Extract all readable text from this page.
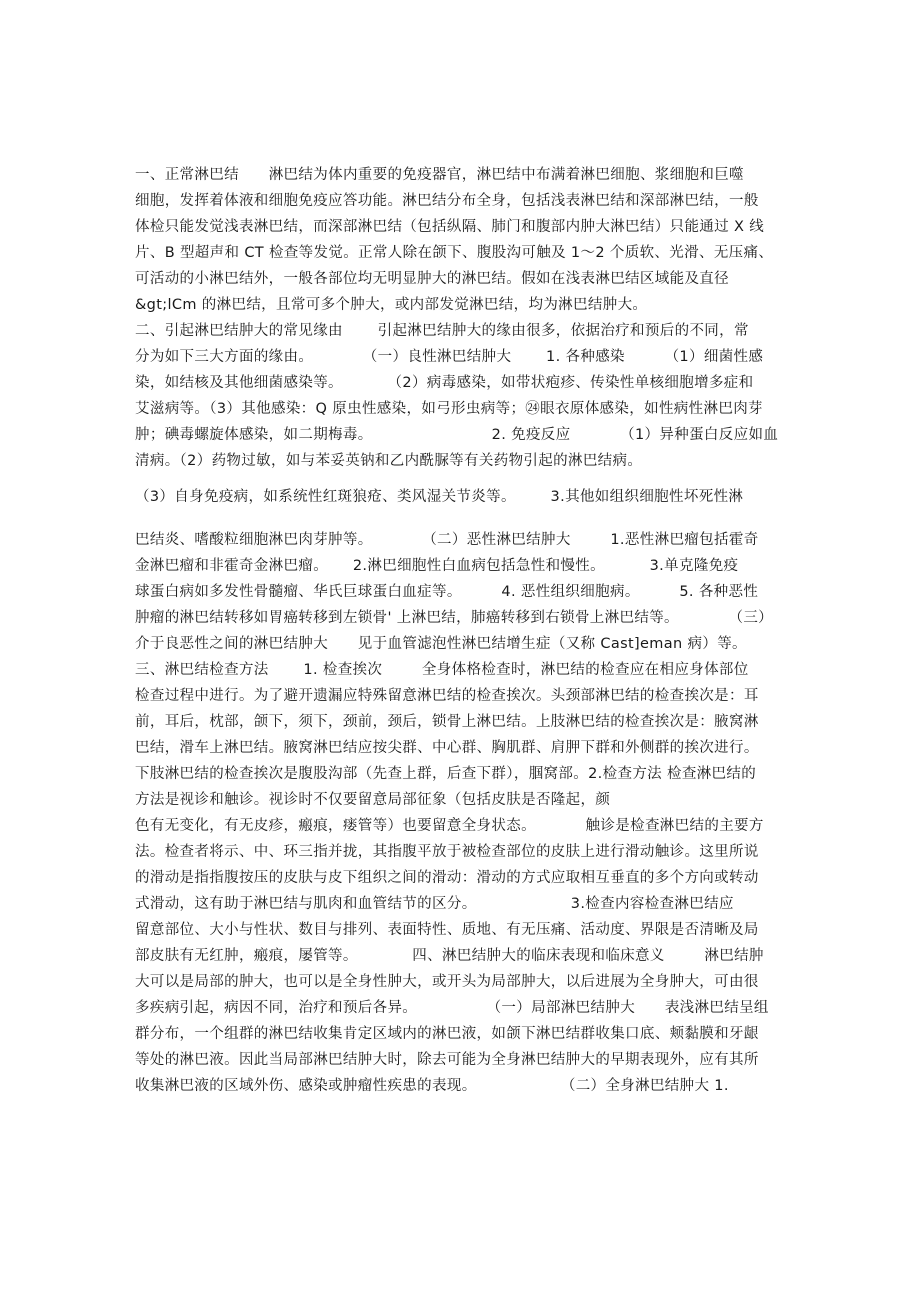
一、正常淋巴结      淋巴结为体内重要的免疫器官，淋巴结中布满着淋巴细胞、浆细胞和巨噬
细胞，发挥着体液和细胞免疫应答功能。淋巴结分布全身，包括浅表淋巴结和深部淋巴结，一般
体检只能发觉浅表淋巴结，而深部淋巴结（包括纵隔、肺门和腹部内肿大淋巴结）只能通过 X 线
片、B 型超声和 CT 检查等发觉。正常人除在颌下、腹股沟可触及 1～2 个质软、光滑、无压痛、
可活动的小淋巴结外，一般各部位均无明显肿大的淋巴结。假如在浅表淋巴结区域能及直径
&gt;lCm 的淋巴结，且常可多个肿大，或内部发觉淋巴结，均为淋巴结肿大。
二、引起淋巴结肿大的常见缘由       引起淋巴结肿大的缘由很多，依据治疗和预后的不同，常
分为如下三大方面的缘由。          （一）良性淋巴结肿大       1. 各种感染        （1）细菌性感
染，如结核及其他细菌感染等。         （2）病毒感染，如带状疱疹、传染性单核细胞增多症和
艾滋病等。（3）其他感染：Q 原虫性感染，如弓形虫病等；㉔眼衣原体感染，如性病性淋巴肉芽
肿；碘毒螺旋体感染，如二期梅毒。                        2. 免疫反应          （1）异种蛋白反应如血
清病。（2）药物过敏，如与苯妥英钠和乙内酰脲等有关药物引起的淋巴结病。
（3）自身免疫病，如系统性红斑狼疮、类风湿关节炎等。       3.其他如组织细胞性坏死性淋
巴结炎、嗜酸粒细胞淋巴肉芽肿等。          （二）恶性淋巴结肿大        1.恶性淋巴瘤包括霍奇
金淋巴瘤和非霍奇金淋巴瘤。     2.淋巴细胞性白血病包括急性和慢性。         3.单克隆免疫
球蛋白病如多发性骨髓瘤、华氏巨球蛋白血症等。        4. 恶性组织细胞病。        5. 各种恶性
肿瘤的淋巴结转移如胃癌转移到左锁骨' 上淋巴结，肺癌转移到右锁骨上淋巴结等。          （三）
介于良恶性之间的淋巴结肿大      见于血管滤泡性淋巴结增生症（又称 Cast]eman 病）等。
三、淋巴结检查方法       1. 检查挨次        全身体格检查时，淋巴结的检查应在相应身体部位
检查过程中进行。为了避开遗漏应特殊留意淋巴结的检查挨次。头颈部淋巴结的检查挨次是：耳
前，耳后，枕部，颌下，须下，颈前，颈后，锁骨上淋巴结。上肢淋巴结的检查挨次是：腋窝淋
巴结，滑车上淋巴结。腋窝淋巴结应按尖群、中心群、胸肌群、肩胛下群和外侧群的挨次进行。
下肢淋巴结的检查挨次是腹股沟部（先查上群，后查下群），腘窝部。2.检查方法 检查淋巴结的
方法是视诊和触诊。视诊时不仅要留意局部征象（包括皮肤是否隆起，颜
色有无变化，有无皮疹，瘢痕，瘘管等）也要留意全身状态。          触诊是检查淋巴结的主要方
法。检查者将示、中、环三指并拢，其指腹平放于被检查部位的皮肤上进行滑动触诊。这里所说
的滑动是指指腹按压的皮肤与皮下组织之间的滑动：滑动的方式应取相互垂直的多个方向或转动
式滑动，这有助于淋巴结与肌肉和血管结节的区分。                   3.检查内容检查淋巴结应
留意部位、大小与性状、数目与排列、表面特性、质地、有无压痛、活动度、界限是否清晰及局
部皮肤有无红肿，瘢痕，屡管等。           四、淋巴结肿大的临床表现和临床意义        淋巴结肿
大可以是局部的肿大，也可以是全身性肿大，或开头为局部肿大，以后进展为全身肿大，可由很
多疾病引起，病因不同，治疗和预后各异。              （一）局部淋巴结肿大      表浅淋巴结呈组
群分布，一个组群的淋巴结收集肯定区域内的淋巴液，如颌下淋巴结群收集口底、颊黏膜和牙龈
等处的淋巴液。因此当局部淋巴结肿大时，除去可能为全身淋巴结肿大的早期表现外，应有其所
收集淋巴液的区域外伤、感染或肿瘤性疾患的表现。                 （二）全身淋巴结肿大 1.
